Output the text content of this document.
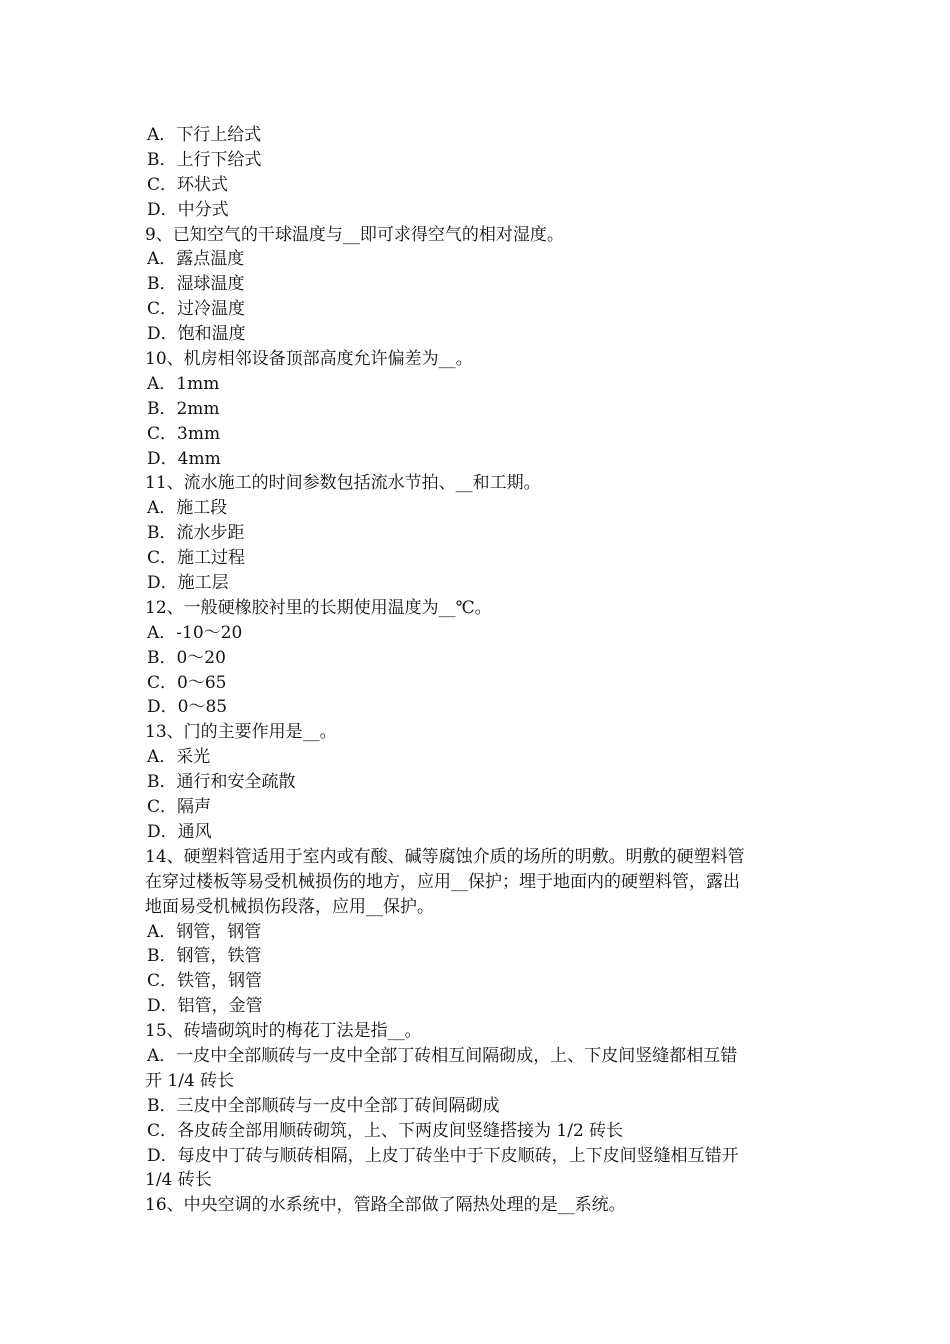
A．下行上给式
B．上行下给式
C．环状式
D．中分式
9、已知空气的干球温度与__即可求得空气的相对湿度。
A．露点温度
B．湿球温度
C．过冷温度
D．饱和温度
10、机房相邻设备顶部高度允许偏差为__。
A．1mm
B．2mm
C．3mm
D．4mm
11、流水施工的时间参数包括流水节拍、__和工期。
A．施工段
B．流水步距
C．施工过程
D．施工层
12、一般硬橡胶衬里的长期使用温度为__℃。
A．-10～20
B．0～20
C．0～65
D．0～85
13、门的主要作用是__。
A．采光
B．通行和安全疏散
C．隔声
D．通风
14、硬塑料管适用于室内或有酸、碱等腐蚀介质的场所的明敷。明敷的硬塑料管
在穿过楼板等易受机械损伤的地方，应用__保护；埋于地面内的硬塑料管，露出
地面易受机械损伤段落，应用__保护。
A．钢管，钢管
B．钢管，铁管
C．铁管，钢管
D．铝管，金管
15、砖墙砌筑时的梅花丁法是指__。
A．一皮中全部顺砖与一皮中全部丁砖相互间隔砌成，上、下皮间竖缝都相互错
开 1/4 砖长
B．三皮中全部顺砖与一皮中全部丁砖间隔砌成
C．各皮砖全部用顺砖砌筑，上、下两皮间竖缝搭接为 1/2 砖长
D．每皮中丁砖与顺砖相隔，上皮丁砖坐中于下皮顺砖，上下皮间竖缝相互错开
1/4 砖长
16、中央空调的水系统中，管路全部做了隔热处理的是__系统。
